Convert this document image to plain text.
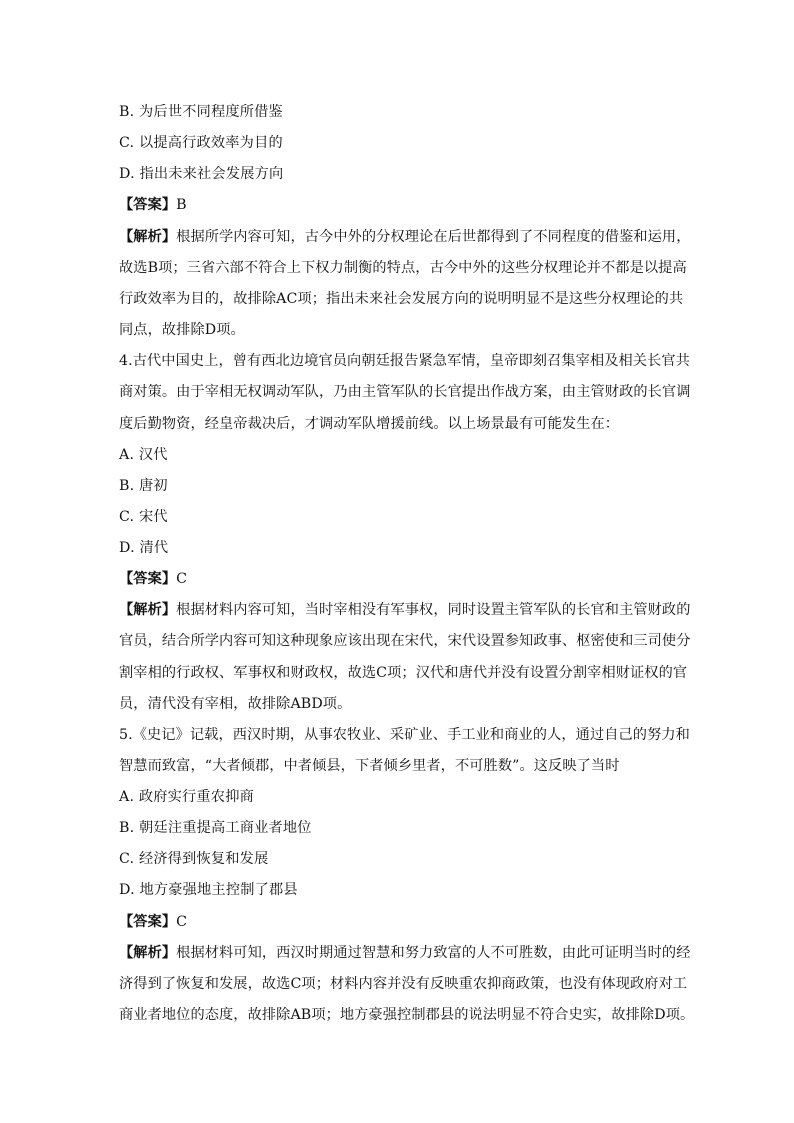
B. 为后世不同程度所借鉴
C. 以提高行政效率为目的
D. 指出未来社会发展方向
【答案】B
【解析】根据所学内容可知，古今中外的分权理论在后世都得到了不同程度的借鉴和运用，
故选B项；三省六部不符合上下权力制衡的特点，古今中外的这些分权理论并不都是以提高
行政效率为目的，故排除AC项；指出未来社会发展方向的说明明显不是这些分权理论的共
同点，故排除D项。
4.古代中国史上，曾有西北边境官员向朝廷报告紧急军情，皇帝即刻召集宰相及相关长官共
商对策。由于宰相无权调动军队，乃由主管军队的长官提出作战方案，由主管财政的长官调
度后勤物资，经皇帝裁决后，才调动军队增援前线。以上场景最有可能发生在：
A. 汉代
B. 唐初
C. 宋代
D. 清代
【答案】C
【解析】根据材料内容可知，当时宰相没有军事权，同时设置主管军队的长官和主管财政的
官员，结合所学内容可知这种现象应该出现在宋代，宋代设置参知政事、枢密使和三司使分
割宰相的行政权、军事权和财政权，故选C项；汉代和唐代并没有设置分割宰相财证权的官
员，清代没有宰相，故排除ABD项。
5.《史记》记载，西汉时期，从事农牧业、采矿业、手工业和商业的人，通过自己的努力和
智慧而致富，“大者倾郡，中者倾县，下者倾乡里者，不可胜数”。这反映了当时
A. 政府实行重农抑商
B. 朝廷注重提高工商业者地位
C. 经济得到恢复和发展
D. 地方豪强地主控制了郡县
【答案】C
【解析】根据材料可知，西汉时期通过智慧和努力致富的人不可胜数，由此可证明当时的经
济得到了恢复和发展，故选C项；材料内容并没有反映重农抑商政策，也没有体现政府对工
商业者地位的态度，故排除AB项；地方豪强控制郡县的说法明显不符合史实，故排除D项。
